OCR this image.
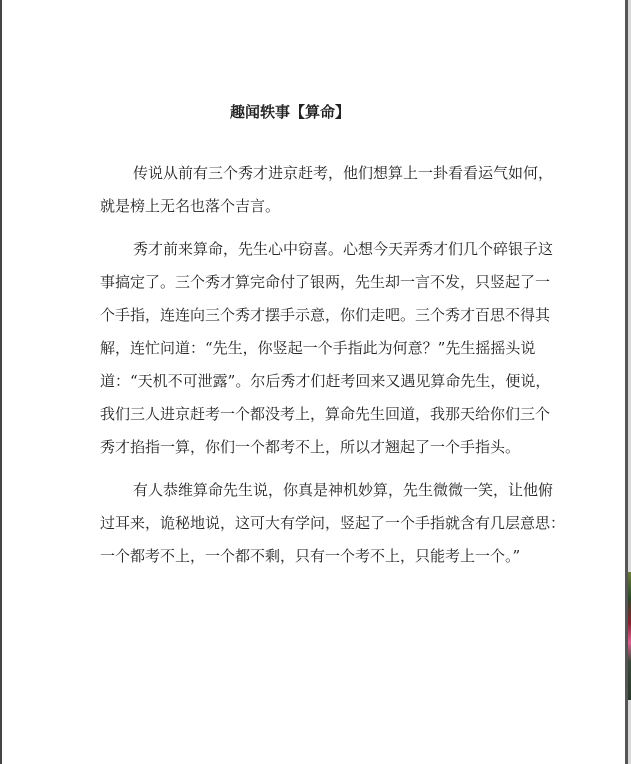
趣闻轶事【算命】
传说从前有三个秀才进京赶考，他们想算上一卦看看运气如何，
就是榜上无名也落个吉言。
秀才前来算命，先生心中窃喜。心想今天弄秀才们几个碎银子这
事搞定了。三个秀才算完命付了银两，先生却一言不发，只竖起了一
个手指，连连向三个秀才摆手示意，你们走吧。三个秀才百思不得其
解，连忙问道：“先生，你竖起一个手指此为何意？”先生摇摇头说
道：“天机不可泄露”。尔后秀才们赶考回来又遇见算命先生，便说，
我们三人进京赶考一个都没考上，算命先生回道，我那天给你们三个
秀才掐指一算，你们一个都考不上，所以才翘起了一个手指头。
有人恭维算命先生说，你真是神机妙算，先生微微一笑，让他俯
过耳来，诡秘地说，这可大有学问，竖起了一个手指就含有几层意思：
一个都考不上，一个都不剩，只有一个考不上，只能考上一个。”
